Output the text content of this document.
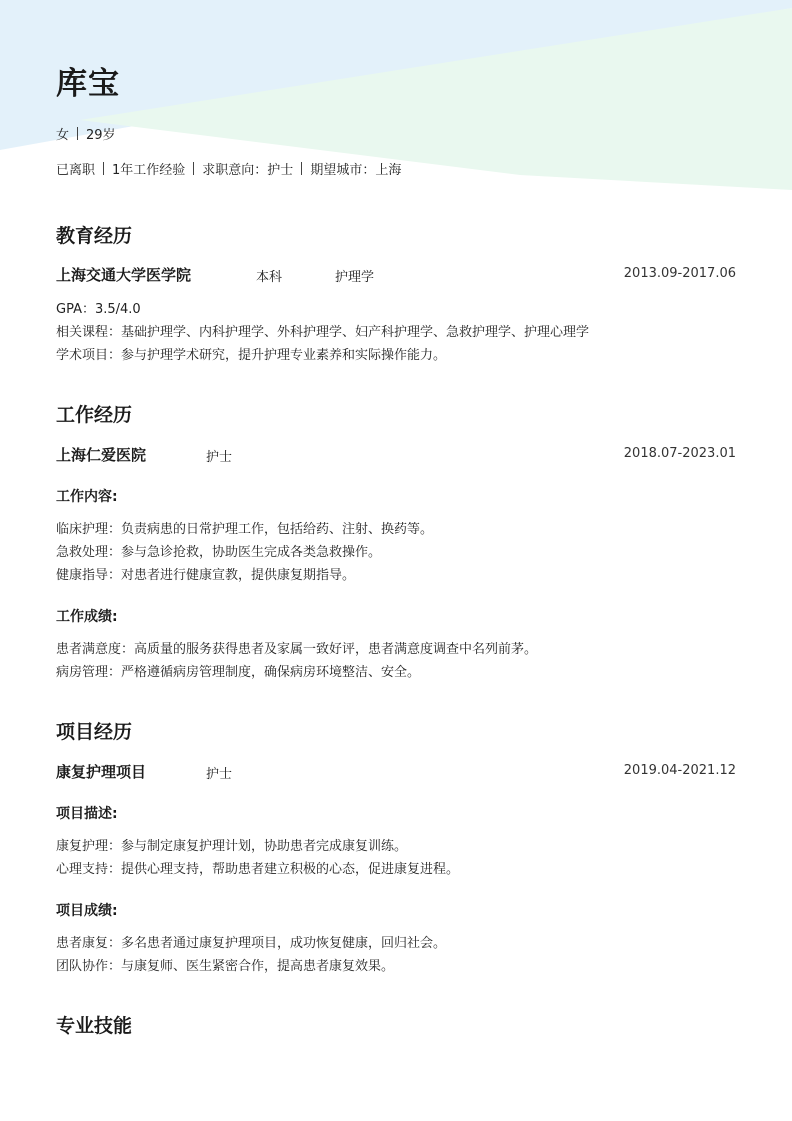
库宝
女 29岁
已离职 1年工作经验 求职意向：护士 期望城市：上海
教育经历
上海交通大学医学院	本科	护理学	2013.09-2017.06
GPA：3.5/4.0
相关课程：基础护理学、内科护理学、外科护理学、妇产科护理学、急救护理学、护理心理学
学术项目：参与护理学术研究，提升护理专业素养和实际操作能力。
工作经历
上海仁爱医院	护士	2018.07-2023.01
工作内容:
临床护理：负责病患的日常护理工作，包括给药、注射、换药等。
急救处理：参与急诊抢救，协助医生完成各类急救操作。
健康指导：对患者进行健康宣教，提供康复期指导。
工作成绩:
患者满意度：高质量的服务获得患者及家属一致好评，患者满意度调查中名列前茅。
病房管理：严格遵循病房管理制度，确保病房环境整洁、安全。
项目经历
康复护理项目	护士	2019.04-2021.12
项目描述:
康复护理：参与制定康复护理计划，协助患者完成康复训练。
心理支持：提供心理支持，帮助患者建立积极的心态，促进康复进程。
项目成绩:
患者康复：多名患者通过康复护理项目，成功恢复健康，回归社会。
团队协作：与康复师、医生紧密合作，提高患者康复效果。
专业技能
